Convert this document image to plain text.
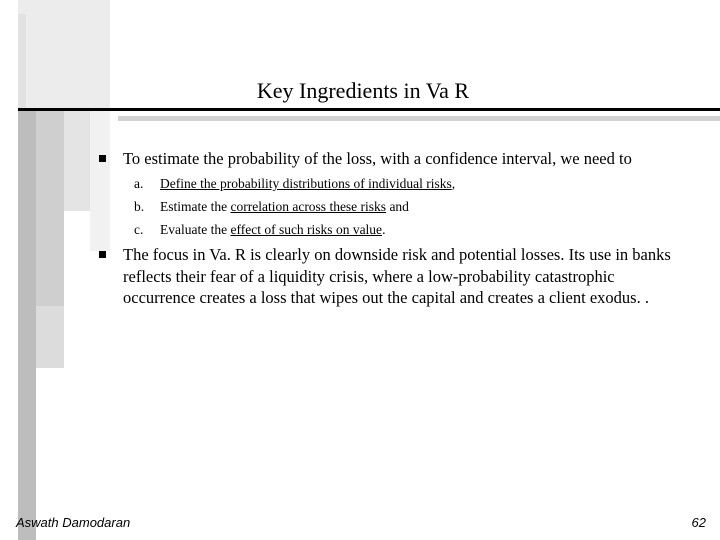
Key Ingredients in Va R
To estimate the probability of the loss, with a confidence interval, we need to
a. Define the probability distributions of individual risks,
b. Estimate the correlation across these risks and
c. Evaluate the effect of such risks on value.
The focus in Va. R is clearly on downside risk and potential losses. Its use in banks reflects their fear of a liquidity crisis, where a low-probability catastrophic occurrence creates a loss that wipes out the capital and creates a client exodus. .
Aswath Damodaran	62
